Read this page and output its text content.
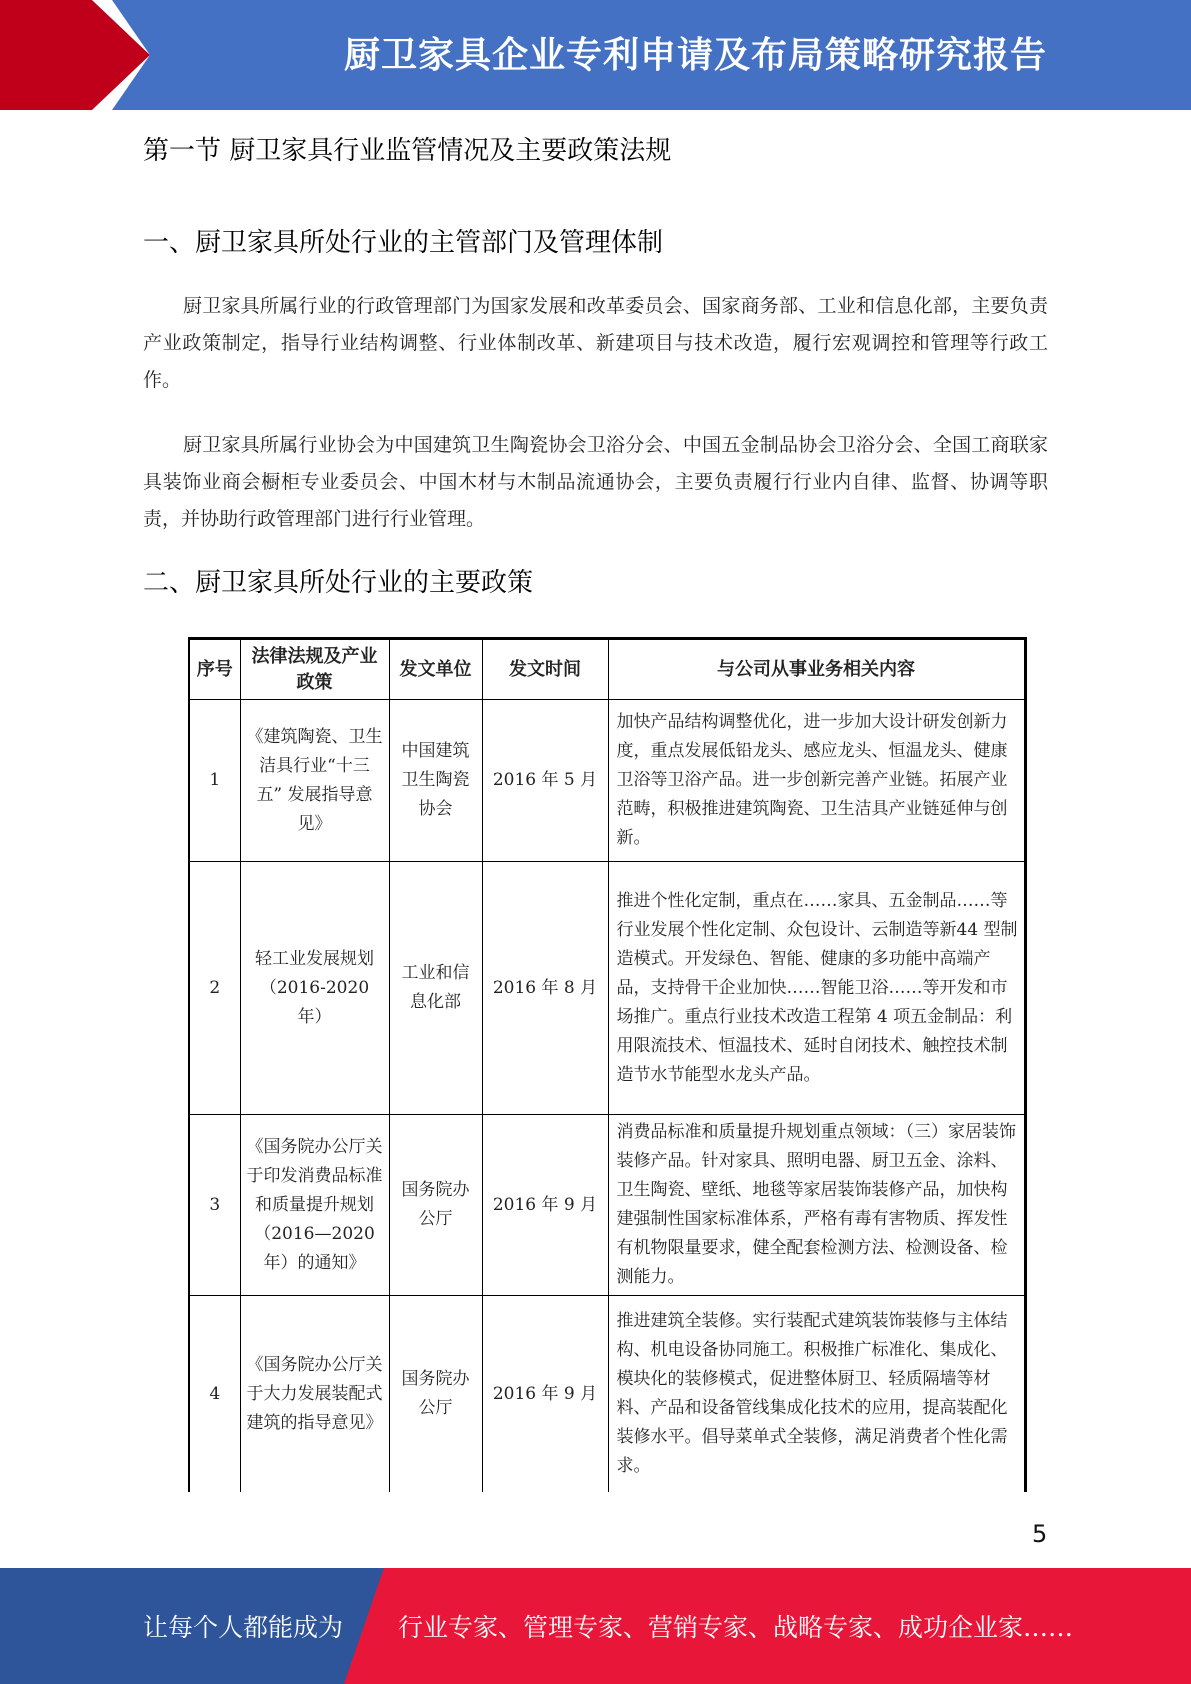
厨卫家具企业专利申请及布局策略研究报告
第一节 厨卫家具行业监管情况及主要政策法规
一、厨卫家具所处行业的主管部门及管理体制
厨卫家具所属行业的行政管理部门为国家发展和改革委员会、国家商务部、工业和信息化部，主要负责产业政策制定，指导行业结构调整、行业体制改革、新建项目与技术改造，履行宏观调控和管理等行政工作。
厨卫家具所属行业协会为中国建筑卫生陶瓷协会卫浴分会、中国五金制品协会卫浴分会、全国工商联家具装饰业商会橱柜专业委员会、中国木材与木制品流通协会，主要负责履行行业内自律、监督、协调等职责，并协助行政管理部门进行行业管理。
二、厨卫家具所处行业的主要政策
序号	法律法规及产业政策	发文单位	发文时间	与公司从事业务相关内容
1	《建筑陶瓷、卫生洁具行业“十三五” 发展指导意见》	中国建筑卫生陶瓷协会	2016 年 5 月	加快产品结构调整优化，进一步加大设计研发创新力度，重点发展低铅龙头、感应龙头、恒温龙头、健康卫浴等卫浴产品。进一步创新完善产业链。拓展产业范畴，积极推进建筑陶瓷、卫生洁具产业链延伸与创新。
2	轻工业发展规划（2016-2020 年）	工业和信息化部	2016 年 8 月	推进个性化定制，重点在……家具、五金制品……等行业发展个性化定制、众包设计、云制造等新44 型制造模式。开发绿色、智能、健康的多功能中高端产品，支持骨干企业加快……智能卫浴……等开发和市场推广。重点行业技术改造工程第 4 项五金制品：利用限流技术、恒温技术、延时自闭技术、触控技术制造节水节能型水龙头产品。
3	《国务院办公厅关于印发消费品标准和质量提升规划 （2016—2020 年）的通知》	国务院办公厅	2016 年 9 月	消费品标准和质量提升规划重点领域：（三）家居装饰装修产品。针对家具、照明电器、厨卫五金、涂料、卫生陶瓷、壁纸、地毯等家居装饰装修产品，加快构建强制性国家标准体系，严格有毒有害物质、挥发性有机物限量要求，健全配套检测方法、检测设备、检测能力。
4	《国务院办公厅关于大力发展装配式建筑的指导意见》	国务院办公厅	2016 年 9 月	推进建筑全装修。实行装配式建筑装饰装修与主体结构、机电设备协同施工。积极推广标准化、集成化、模块化的装修模式，促进整体厨卫、轻质隔墙等材料、产品和设备管线集成化技术的应用，提高装配化装修水平。倡导菜单式全装修，满足消费者个性化需求。
5
让每个人都能成为 行业专家、管理专家、营销专家、战略专家、成功企业家……
